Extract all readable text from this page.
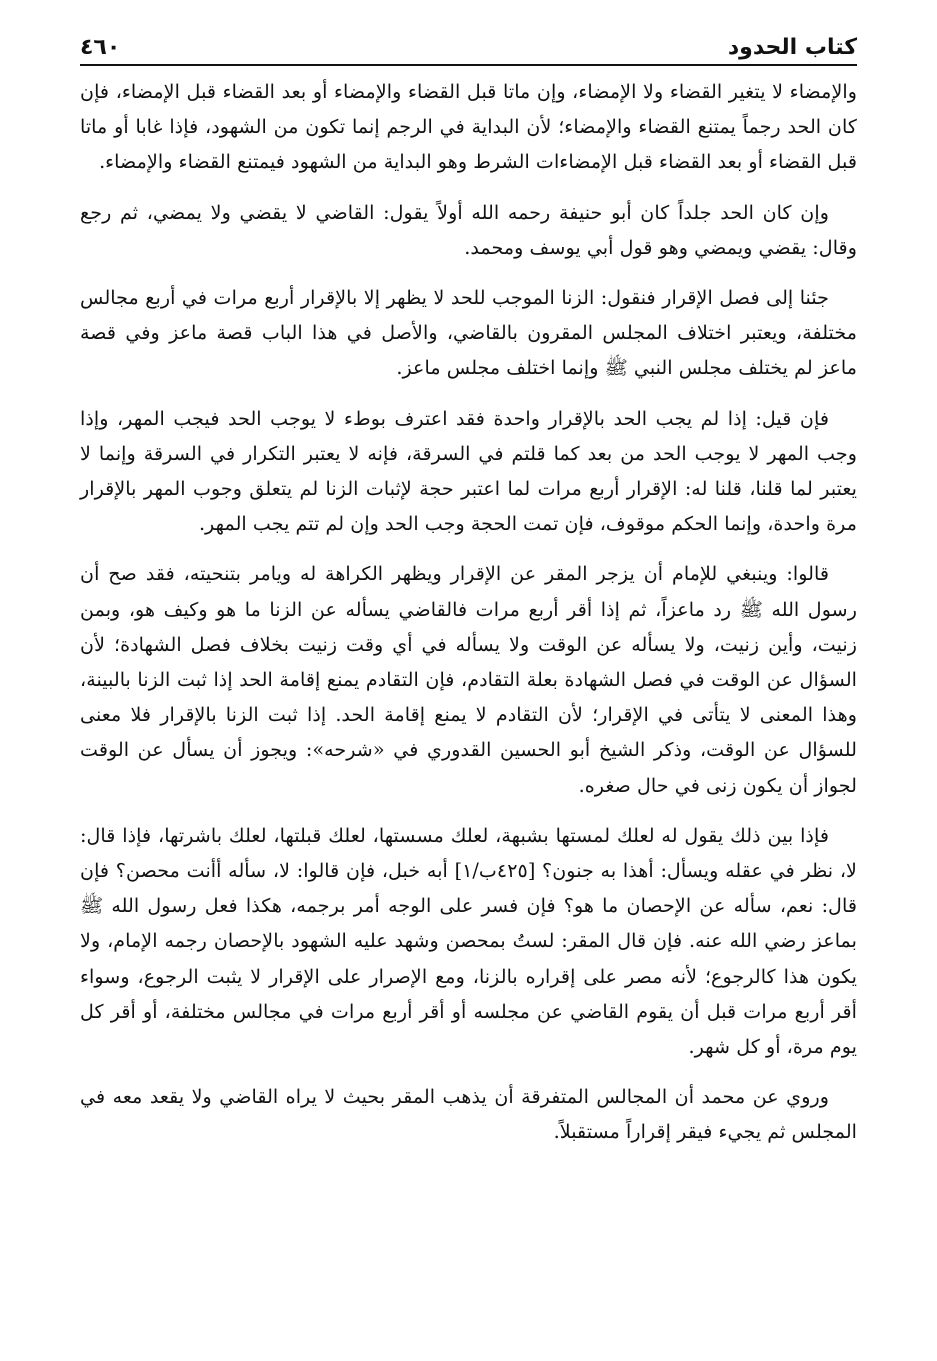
كتاب الحدود
٤٦٠

والإمضاء لا يتغير القضاء ولا الإمضاء، وإن ماتا قبل القضاء والإمضاء أو بعد القضاء قبل الإمضاء، فإن كان الحد رجماً يمتنع القضاء والإمضاء؛ لأن البداية في الرجم إنما تكون من الشهود، فإذا غابا أو ماتا قبل القضاء أو بعد القضاء قبل الإمضاءات الشرط وهو البداية من الشهود فيمتنع القضاء والإمضاء.

وإن كان الحد جلداً كان أبو حنيفة رحمه الله أولاً يقول: القاضي لا يقضي ولا يمضي، ثم رجع وقال: يقضي ويمضي وهو قول أبي يوسف ومحمد.

جئنا إلى فصل الإقرار فنقول: الزنا الموجب للحد لا يظهر إلا بالإقرار أربع مرات في أربع مجالس مختلفة، ويعتبر اختلاف المجلس المقرون بالقاضي، والأصل في هذا الباب قصة ماعز وفي قصة ماعز لم يختلف مجلس النبي ﷺ وإنما اختلف مجلس ماعز.

فإن قيل: إذا لم يجب الحد بالإقرار واحدة فقد اعترف بوطء لا يوجب الحد فيجب المهر، وإذا وجب المهر لا يوجب الحد من بعد كما قلتم في السرقة، فإنه لا يعتبر التكرار في السرقة وإنما لا يعتبر لما قلنا، قلنا له: الإقرار أربع مرات لما اعتبر حجة لإثبات الزنا لم يتعلق وجوب المهر بالإقرار مرة واحدة، وإنما الحكم موقوف، فإن تمت الحجة وجب الحد وإن لم تتم يجب المهر.

قالوا: وينبغي للإمام أن يزجر المقر عن الإقرار ويظهر الكراهة له ويامر بتنحيته، فقد صح أن رسول الله ﷺ رد ماعزاً، ثم إذا أقر أربع مرات فالقاضي يسأله عن الزنا ما هو وكيف هو، وبمن زنيت، وأين زنيت، ولا يسأله عن الوقت ولا يسأله في أي وقت زنيت بخلاف فصل الشهادة؛ لأن السؤال عن الوقت في فصل الشهادة بعلة التقادم، فإن التقادم يمنع إقامة الحد إذا ثبت الزنا بالبينة، وهذا المعنى لا يتأتى في الإقرار؛ لأن التقادم لا يمنع إقامة الحد. إذا ثبت الزنا بالإقرار فلا معنى للسؤال عن الوقت، وذكر الشيخ أبو الحسين القدوري في «شرحه»: ويجوز أن يسأل عن الوقت لجواز أن يكون زنى في حال صغره.

فإذا بين ذلك يقول له لعلك لمستها بشبهة، لعلك مسستها، لعلك قبلتها، لعلك باشرتها، فإذا قال: لا، نظر في عقله ويسأل: أهذا به جنون؟ [٤٢٥ب/١] أبه خبل، فإن قالوا: لا، سأله أأنت محصن؟ فإن قال: نعم، سأله عن الإحصان ما هو؟ فإن فسر على الوجه أمر برجمه، هكذا فعل رسول الله ﷺ بماعز رضي الله عنه. فإن قال المقر: لستُ بمحصن وشهد عليه الشهود بالإحصان رجمه الإمام، ولا يكون هذا كالرجوع؛ لأنه مصر على إقراره بالزنا، ومع الإصرار على الإقرار لا يثبت الرجوع، وسواء أقر أربع مرات قبل أن يقوم القاضي عن مجلسه أو أقر أربع مرات في مجالس مختلفة، أو أقر كل يوم مرة، أو كل شهر.

وروي عن محمد أن المجالس المتفرقة أن يذهب المقر بحيث لا يراه القاضي ولا يقعد معه في المجلس ثم يجيء فيقر إقراراً مستقبلاً.
